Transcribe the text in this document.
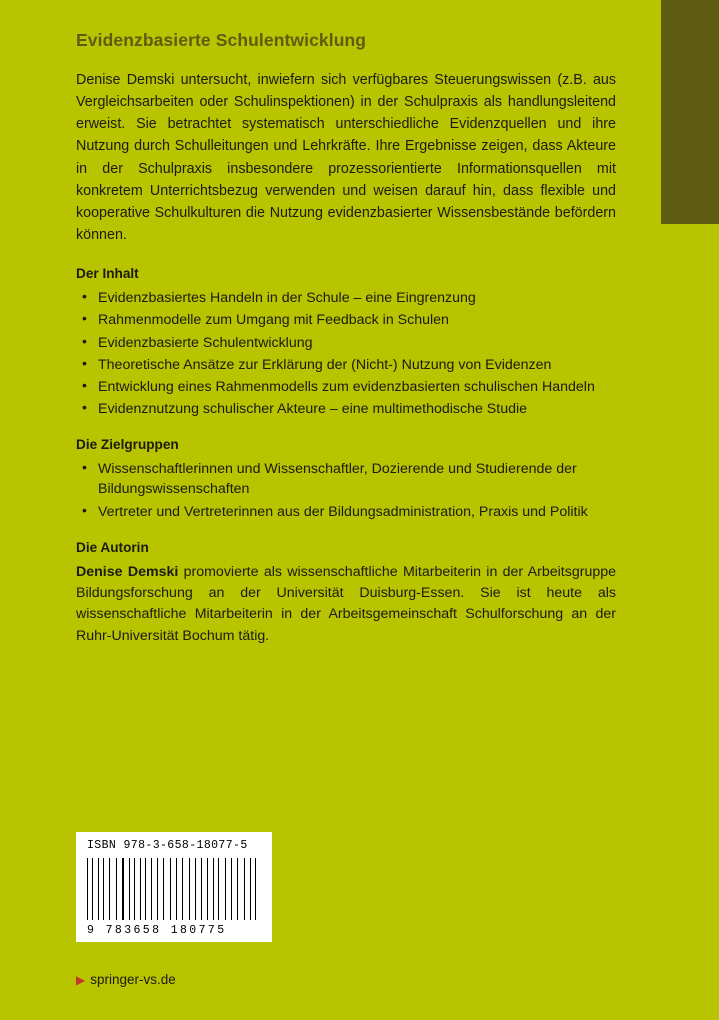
Evidenzbasierte Schulentwicklung

Denise Demski untersucht, inwiefern sich verfügbares Steuerungswissen (z.B. aus Vergleichsarbeiten oder Schulinspektionen) in der Schulpraxis als handlungsleitend erweist. Sie betrachtet systematisch unterschiedliche Evidenzquellen und ihre Nutzung durch Schulleitungen und Lehrkräfte. Ihre Ergebnisse zeigen, dass Akteure in der Schulpraxis insbesondere prozessorientierte Informationsquellen mit konkretem Unterrichtsbezug verwenden und weisen darauf hin, dass flexible und kooperative Schulkulturen die Nutzung evidenzbasierter Wissensbestände befördern können.

Der Inhalt
• Evidenzbasiertes Handeln in der Schule – eine Eingrenzung
• Rahmenmodelle zum Umgang mit Feedback in Schulen
• Evidenzbasierte Schulentwicklung
• Theoretische Ansätze zur Erklärung der (Nicht-) Nutzung von Evidenzen
• Entwicklung eines Rahmenmodells zum evidenzbasierten schulischen Handeln
• Evidenznutzung schulischer Akteure – eine multimethodische Studie
Die Zielgruppen
• Wissenschaftlerinnen und Wissenschaftler, Dozierende und Studierende der Bildungswissenschaften
• Vertreter und Vertreterinnen aus der Bildungsadministration, Praxis und Politik
Die Autorin

Denise Demski promovierte als wissenschaftliche Mitarbeiterin in der Arbeitsgruppe Bildungsforschung an der Universität Duisburg-Essen. Sie ist heute als wissenschaftliche Mitarbeiterin in der Arbeitsgemeinschaft Schulforschung an der Ruhr-Universität Bochum tätig.

ISBN 978-3-658-18077-5
9 783658 180775
▶ springer-vs.de
